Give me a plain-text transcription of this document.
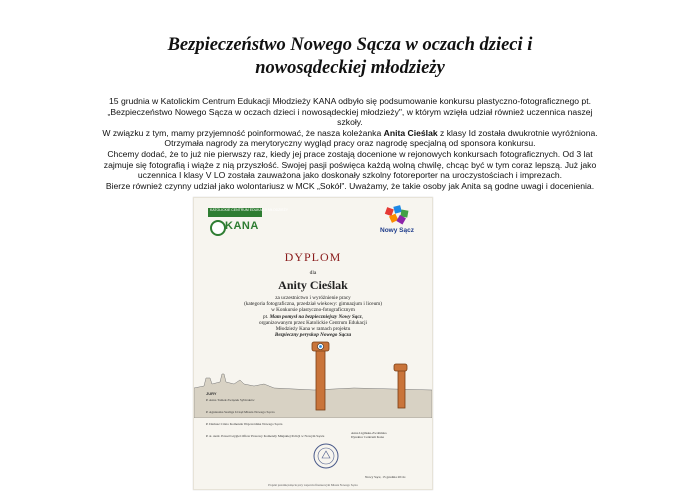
Bezpieczeństwo Nowego Sącza w oczach dzieci i
nowosądeckiej młodzieży

15 grudnia w Katolickim Centrum Edukacji Młodzieży KANA odbyło się podsumowanie konkursu plastyczno-fotograficznego pt.

„Bezpieczeństwo Nowego Sącza w oczach dzieci i nowosądeckiej młodzieży", w którym wzięła udział również uczennica naszej

szkoły.

W związku z tym, mamy przyjemność poinformować, że nasza koleżanka Anita Cieślak z klasy Id została dwukrotnie wyróżniona.

Otrzymała nagrody za merytoryczny wygląd pracy oraz nagrodę specjalną od sponsora konkursu.

Chcemy dodać, że to już nie pierwszy raz, kiedy jej prace zostają docenione w rejonowych konkursach fotograficznych. Od 3 lat

zajmuje się fotografią i wiąże z nią przyszłość. Swojej pasji poświęca każdą wolną chwilę, chcąc być w tym coraz lepszą. Już jako

uczennica I klasy V LO została zauważona jako doskonały szkolny fotoreporter na uroczystościach i imprezach.

Bierze również czynny udział jako wolontariusz w MCK „Sokół". Uważamy, że takie osoby jak Anita są godne uwagi i docenienia.

KATOLICKIE CENTRUM EDUKACJI MŁODZIEŻY
KANA	Nowy Sącz
DYPLOM
dla
Anity Cieślak

za uczestnictwo i wyróżnienie pracy

(kategoria fotograficzna, przedział wiekowy: gimnazjum i liceum)

w Konkursie plastyczno-fotograficznym

pt. Mam pomysł na bezpieczniejszy Nowy Sącz,

organizowanym przez Katolickie Centrum Edukacji

Młodzieży Kana w ramach projektu

Bezpieczny peryskop Nowego Sącza

JURY

P. Anna Tomek Związek Sybiraków

P. Agnieszka Szeliga Urząd Miasta Nowego Sącza

P. Dariusz Cristo Komenda Wojewódzka Nowego Sącza

P. st. sierż. Paweł Gryglel Oficer Prasowy Komendy Miejskiej Policji w Nowym Sączu

Anna Ligińska-Zwolińska

Dyrektor Centrum Kana

Nowy Sącz, 15 grudnia 2011r.
Projekt przedsięwzięcia przy wsparciu finansowym Miasta Nowego Sącza
